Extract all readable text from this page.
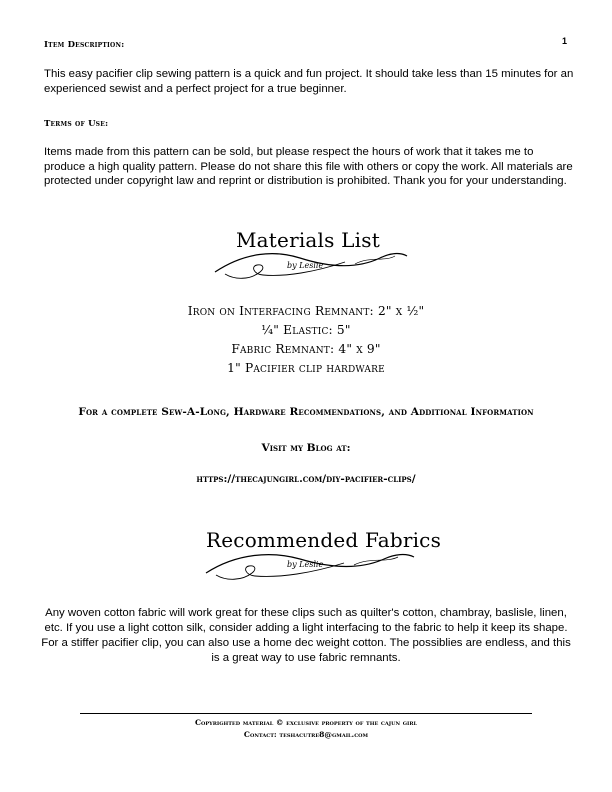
1
Item Description:
This easy pacifier clip sewing pattern is a quick and fun project. It should take less than 15 minutes for an experienced sewist and a perfect project for a true beginner.
Terms of Use:
Items made from this pattern can be sold, but please respect the hours of work that it takes me to produce a high quality pattern. Please do not share this file with others or copy the work. All materials are protected under copyright law and reprint or distribution is prohibited. Thank you for your understanding.
Materials List
by Leslie
Iron on Interfacing Remnant: 2" x ½"
¼" Elastic: 5"
Fabric Remnant: 4" x 9"
1" Pacifier clip hardware
For a complete Sew-A-Long, Hardware Recommendations, and Additional Information
Visit my Blog at:
https://thecajungirl.com/diy-pacifier-clips/
Recommended Fabrics
by Leslie
Any woven cotton fabric will work great for these clips such as quilter's cotton, chambray, baslisle, linen, etc. If you use a light cotton silk, consider adding a light interfacing to the fabric to help it keep its shape. For a stiffer pacifier clip, you can also use a home dec weight cotton. The possiblies are endless, and this is a great way to use fabric remnants.
Copyrighted material © exclusive property of the cajun girl
Contact: teshacutre8@gmail.com
